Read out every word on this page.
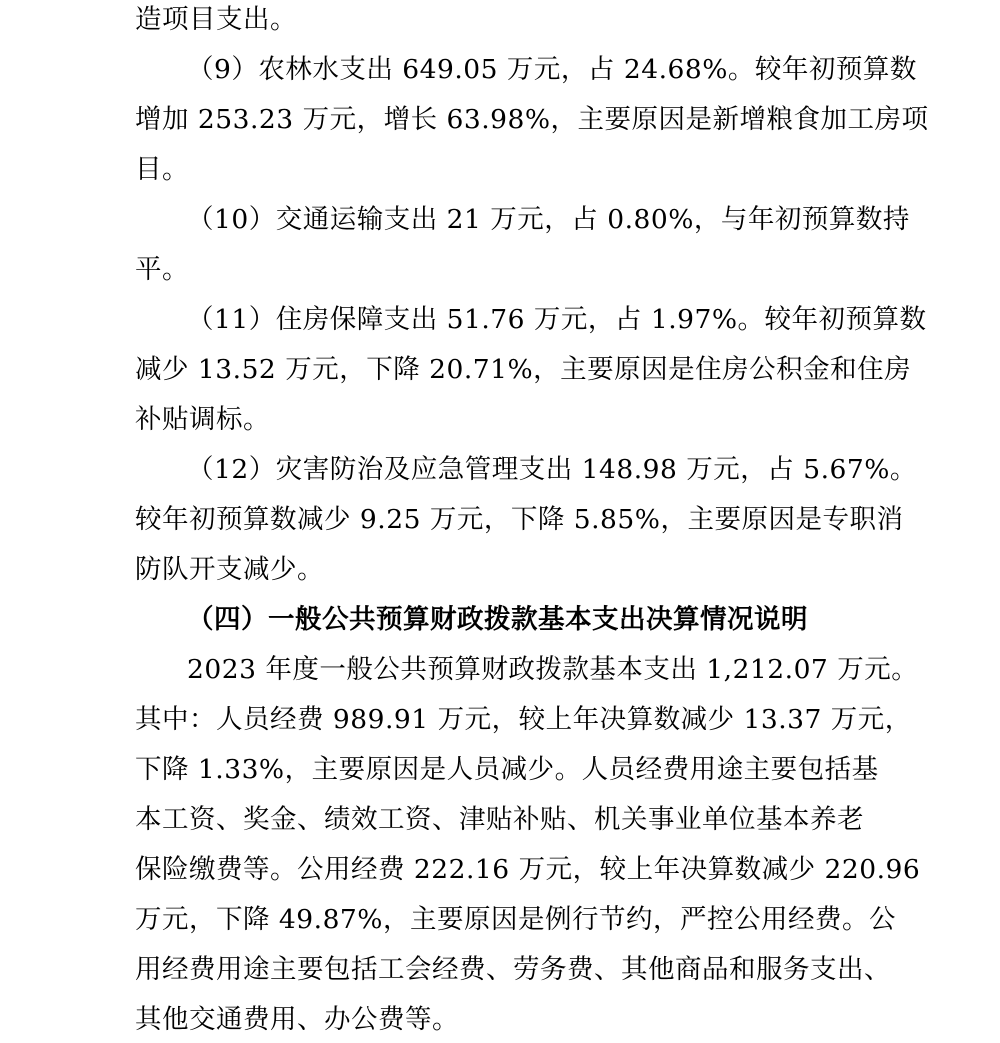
造项目支出。
（9）农林水支出 649.05 万元，占 24.68%。较年初预算数
增加 253.23 万元，增长 63.98%，主要原因是新增粮食加工房项
目。
（10）交通运输支出 21 万元，占 0.80%，与年初预算数持
平。
（11）住房保障支出 51.76 万元，占 1.97%。较年初预算数
减少 13.52 万元，下降 20.71%，主要原因是住房公积金和住房
补贴调标。
（12）灾害防治及应急管理支出 148.98 万元，占 5.67%。
较年初预算数减少 9.25 万元，下降 5.85%，主要原因是专职消
防队开支减少。
（四）一般公共预算财政拨款基本支出决算情况说明
2023 年度一般公共预算财政拨款基本支出 1,212.07 万元。
其中：人员经费 989.91 万元，较上年决算数减少 13.37 万元，
下降 1.33%，主要原因是人员减少。人员经费用途主要包括基
本工资、奖金、绩效工资、津贴补贴、机关事业单位基本养老
保险缴费等。公用经费 222.16 万元，较上年决算数减少 220.96
万元，下降 49.87%，主要原因是例行节约，严控公用经费。公
用经费用途主要包括工会经费、劳务费、其他商品和服务支出、
其他交通费用、办公费等。
